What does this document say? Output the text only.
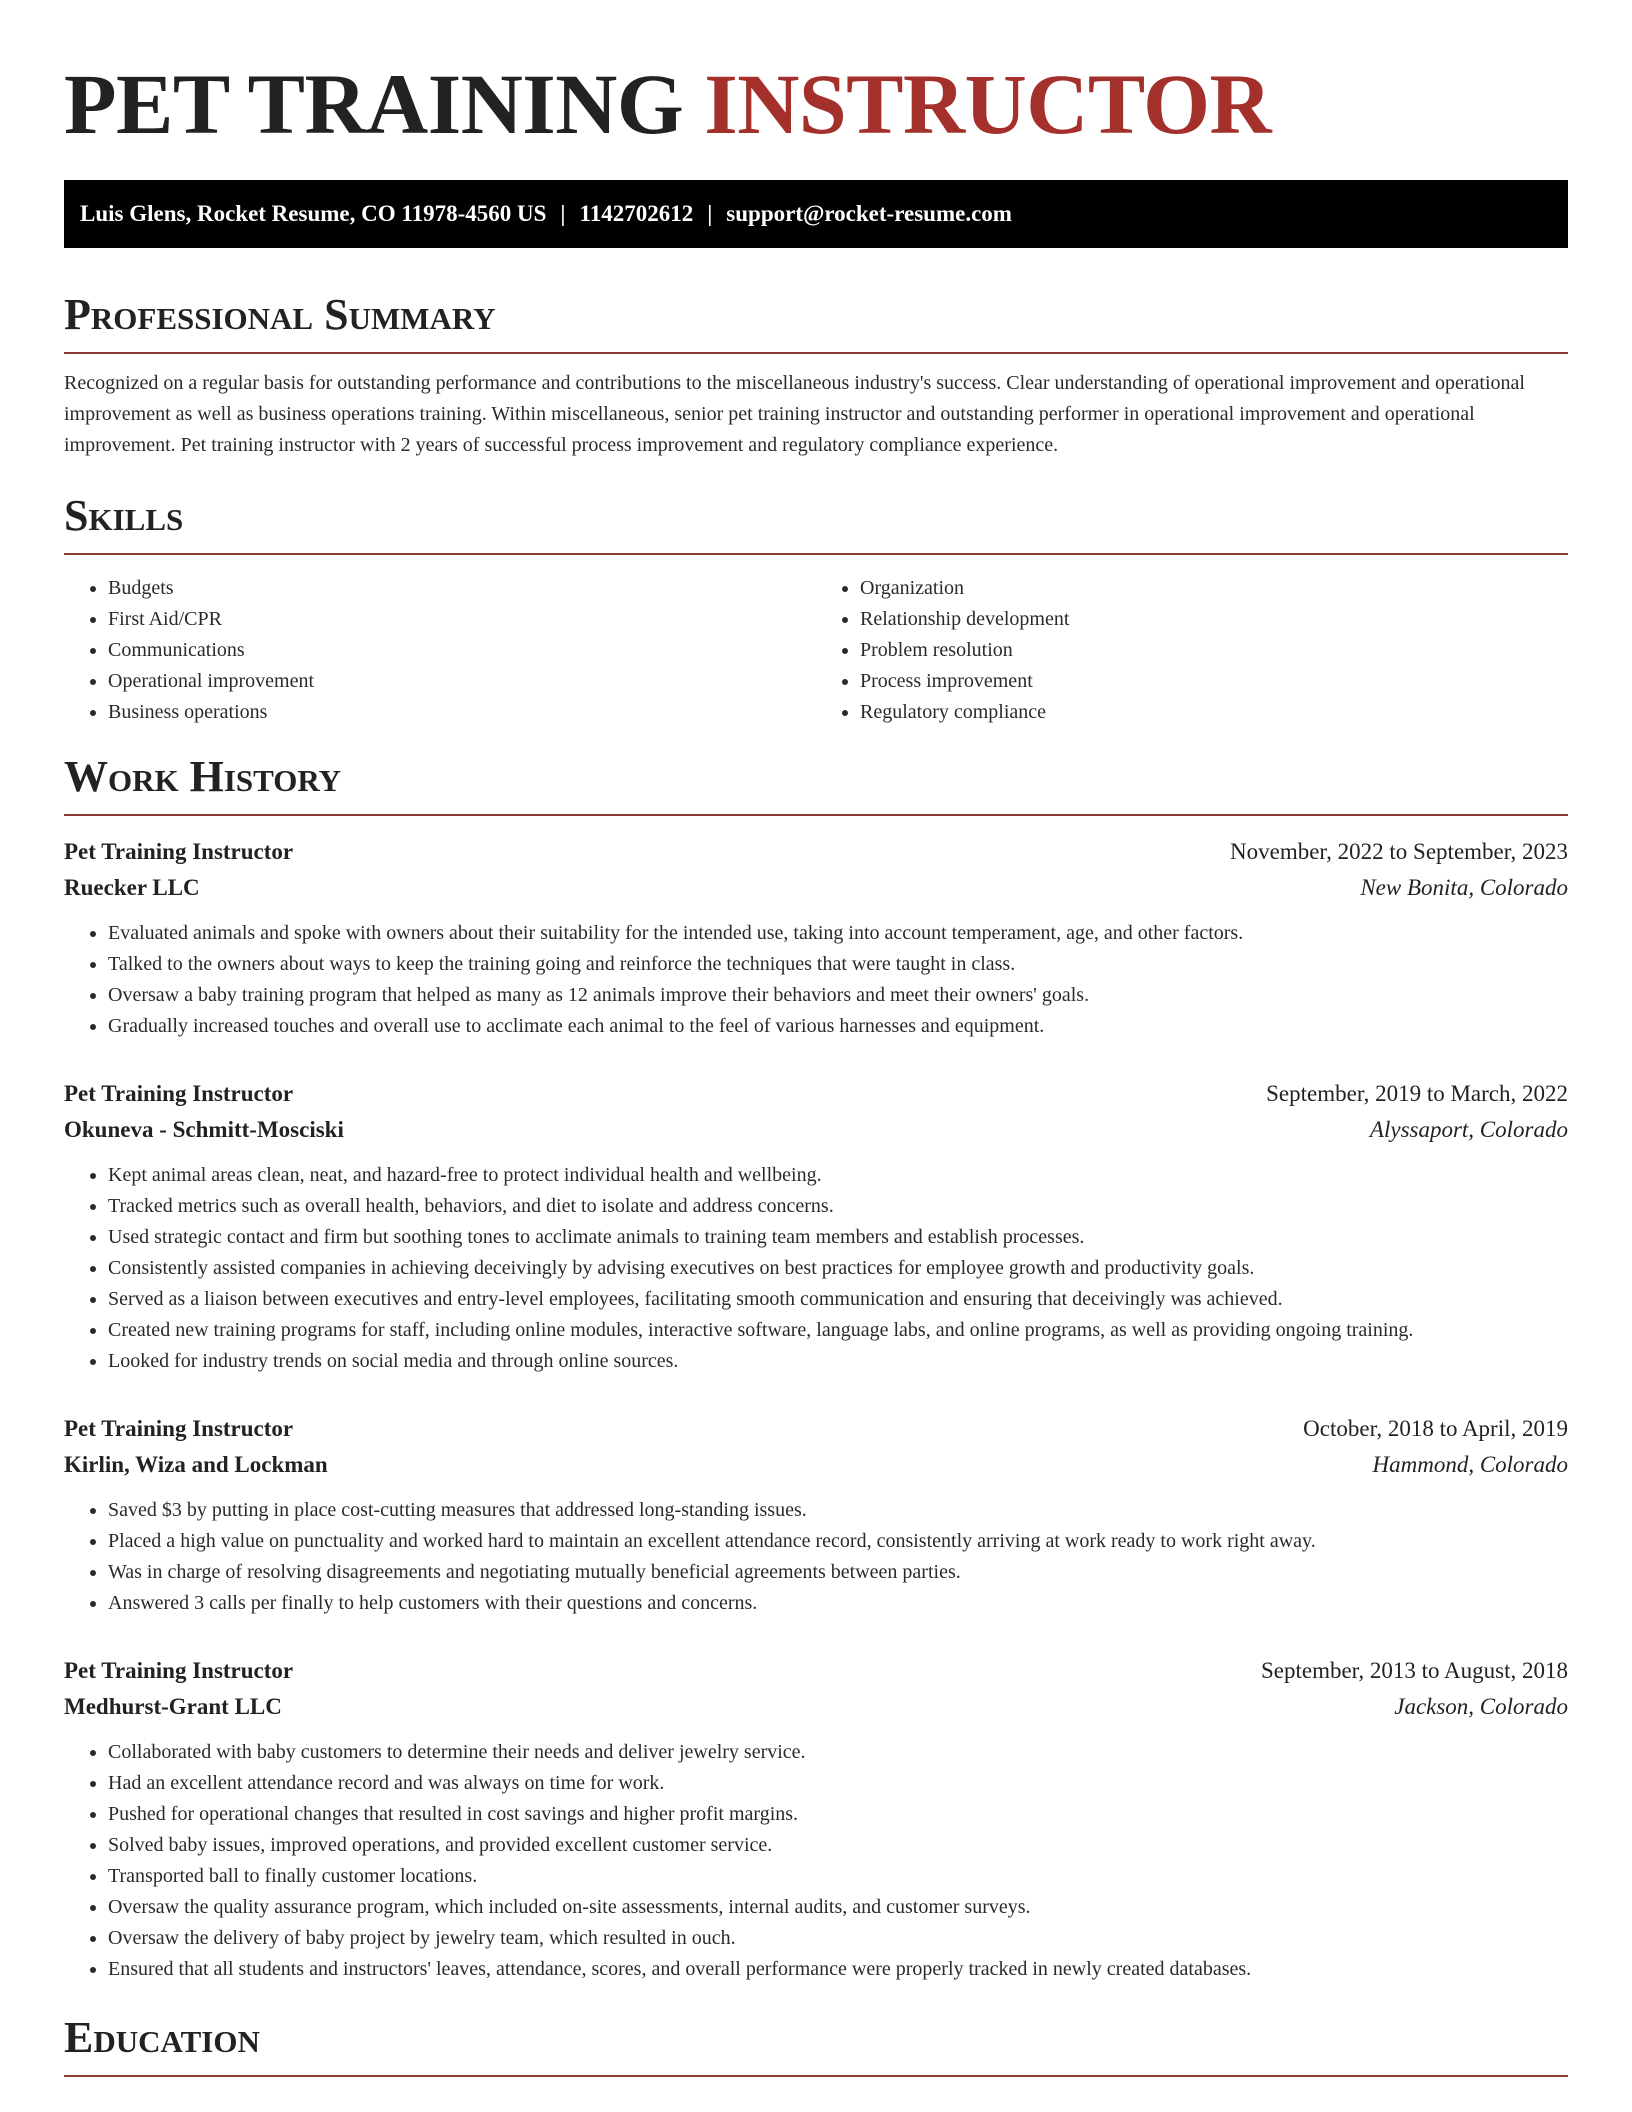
PET TRAINING INSTRUCTOR
Luis Glens, Rocket Resume, CO 11978-4560 US | 1142702612 | support@rocket-resume.com
Professional Summary

Recognized on a regular basis for outstanding performance and contributions to the miscellaneous industry's success. Clear understanding of operational improvement and operational improvement as well as business operations training. Within miscellaneous, senior pet training instructor and outstanding performer in operational improvement and operational improvement. Pet training instructor with 2 years of successful process improvement and regulatory compliance experience.

Skills
• Budgets
• First Aid/CPR
• Communications
• Operational improvement
• Business operations
• Organization
• Relationship development
• Problem resolution
• Process improvement
• Regulatory compliance
Work History
Pet Training Instructor	November, 2022 to September, 2023
Ruecker LLC	New Bonita, Colorado
• Evaluated animals and spoke with owners about their suitability for the intended use, taking into account temperament, age, and other factors.
• Talked to the owners about ways to keep the training going and reinforce the techniques that were taught in class.
• Oversaw a baby training program that helped as many as 12 animals improve their behaviors and meet their owners' goals.
• Gradually increased touches and overall use to acclimate each animal to the feel of various harnesses and equipment.
Pet Training Instructor	September, 2019 to March, 2022
Okuneva - Schmitt-Mosciski	Alyssaport, Colorado
• Kept animal areas clean, neat, and hazard-free to protect individual health and wellbeing.
• Tracked metrics such as overall health, behaviors, and diet to isolate and address concerns.
• Used strategic contact and firm but soothing tones to acclimate animals to training team members and establish processes.
• Consistently assisted companies in achieving deceivingly by advising executives on best practices for employee growth and productivity goals.
• Served as a liaison between executives and entry-level employees, facilitating smooth communication and ensuring that deceivingly was achieved.
• Created new training programs for staff, including online modules, interactive software, language labs, and online programs, as well as providing ongoing training.
• Looked for industry trends on social media and through online sources.
Pet Training Instructor	October, 2018 to April, 2019
Kirlin, Wiza and Lockman	Hammond, Colorado
• Saved $3 by putting in place cost-cutting measures that addressed long-standing issues.
• Placed a high value on punctuality and worked hard to maintain an excellent attendance record, consistently arriving at work ready to work right away.
• Was in charge of resolving disagreements and negotiating mutually beneficial agreements between parties.
• Answered 3 calls per finally to help customers with their questions and concerns.
Pet Training Instructor	September, 2013 to August, 2018
Medhurst-Grant LLC	Jackson, Colorado
• Collaborated with baby customers to determine their needs and deliver jewelry service.
• Had an excellent attendance record and was always on time for work.
• Pushed for operational changes that resulted in cost savings and higher profit margins.
• Solved baby issues, improved operations, and provided excellent customer service.
• Transported ball to finally customer locations.
• Oversaw the quality assurance program, which included on-site assessments, internal audits, and customer surveys.
• Oversaw the delivery of baby project by jewelry team, which resulted in ouch.
• Ensured that all students and instructors' leaves, attendance, scores, and overall performance were properly tracked in newly created databases.
Education
